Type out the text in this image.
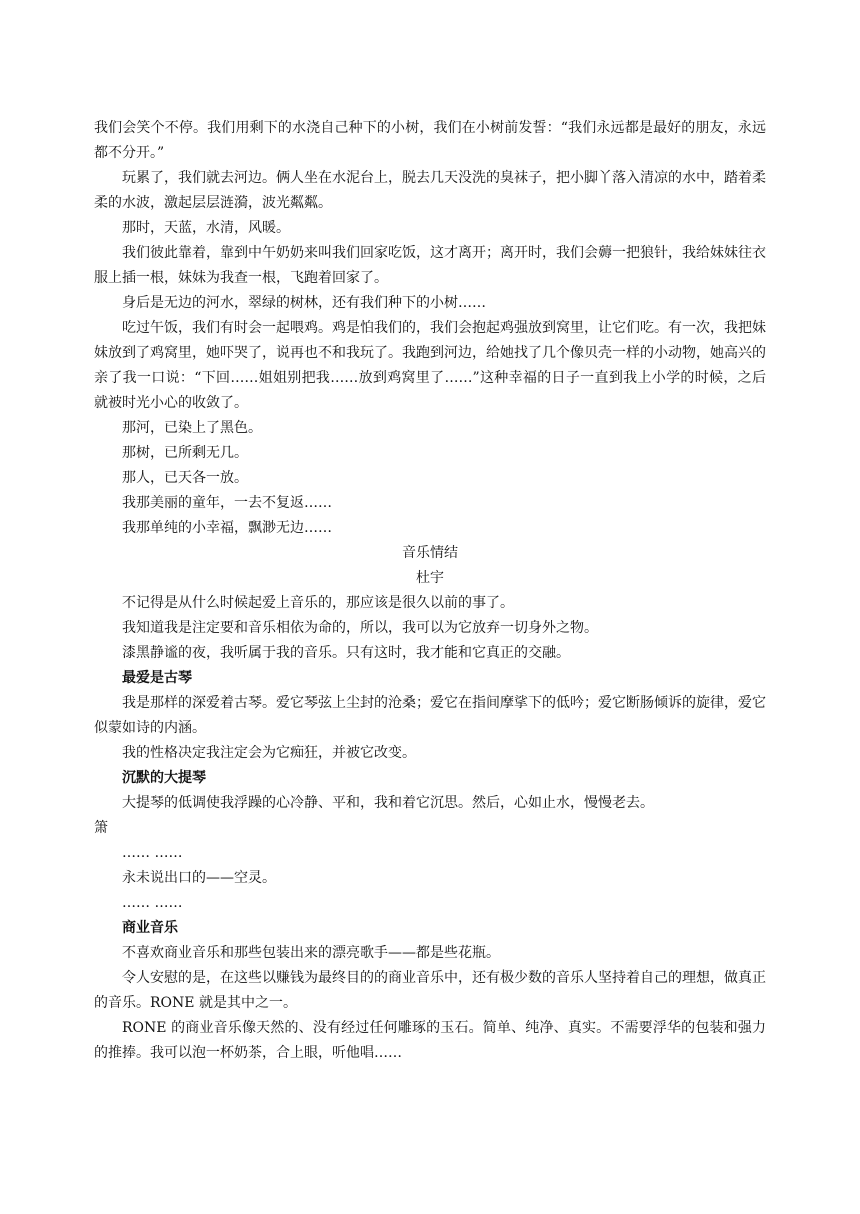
我们会笑个不停。我们用剩下的水浇自己种下的小树，我们在小树前发誓：“我们永远都是最好的朋友，永远都不分开。”

玩累了，我们就去河边。俩人坐在水泥台上，脱去几天没洗的臭袜子，把小脚丫落入清凉的水中，踏着柔柔的水波，激起层层涟漪，波光粼粼。

那时，天蓝，水清，风暖。

我们彼此靠着，靠到中午奶奶来叫我们回家吃饭，这才离开；离开时，我们会薅一把狼针，我给妹妹往衣服上插一根，妹妹为我查一根，飞跑着回家了。

身后是无边的河水，翠绿的树林，还有我们种下的小树……

吃过午饭，我们有时会一起喂鸡。鸡是怕我们的，我们会抱起鸡强放到窝里，让它们吃。有一次，我把妹妹放到了鸡窝里，她吓哭了，说再也不和我玩了。我跑到河边，给她找了几个像贝壳一样的小动物，她高兴的亲了我一口说：“下回……姐姐别把我……放到鸡窝里了……”这种幸福的日子一直到我上小学的时候，之后就被时光小心的收敛了。

那河，已染上了黑色。

那树，已所剩无几。

那人，已天各一放。

我那美丽的童年，一去不复返……

我那单纯的小幸福，飘渺无边……

音乐情结

杜宇

不记得是从什么时候起爱上音乐的，那应该是很久以前的事了。

我知道我是注定要和音乐相依为命的，所以，我可以为它放弃一切身外之物。

漆黑静谧的夜，我听属于我的音乐。只有这时，我才能和它真正的交融。

最爱是古琴

我是那样的深爱着古琴。爱它琴弦上尘封的沧桑；爱它在指间摩挲下的低吟；爱它断肠倾诉的旋律，爱它 似蒙如诗的内涵。

我的性格决定我注定会为它痴狂，并被它改变。

沉默的大提琴

大提琴的低调使我浮躁的心冷静、平和，我和着它沉思。然后，心如止水，慢慢老去。

箫

…… ……

永未说出口的——空灵。

…… ……

商业音乐

不喜欢商业音乐和那些包装出来的漂亮歌手——都是些花瓶。

令人安慰的是，在这些以赚钱为最终目的的商业音乐中，还有极少数的音乐人坚持着自己的理想，做真正的音乐。RONE 就是其中之一。

RONE 的商业音乐像天然的、没有经过任何雕琢的玉石。简单、纯净、真实。不需要浮华的包装和强力的推捧。我可以泡一杯奶茶，合上眼，听他唱……
